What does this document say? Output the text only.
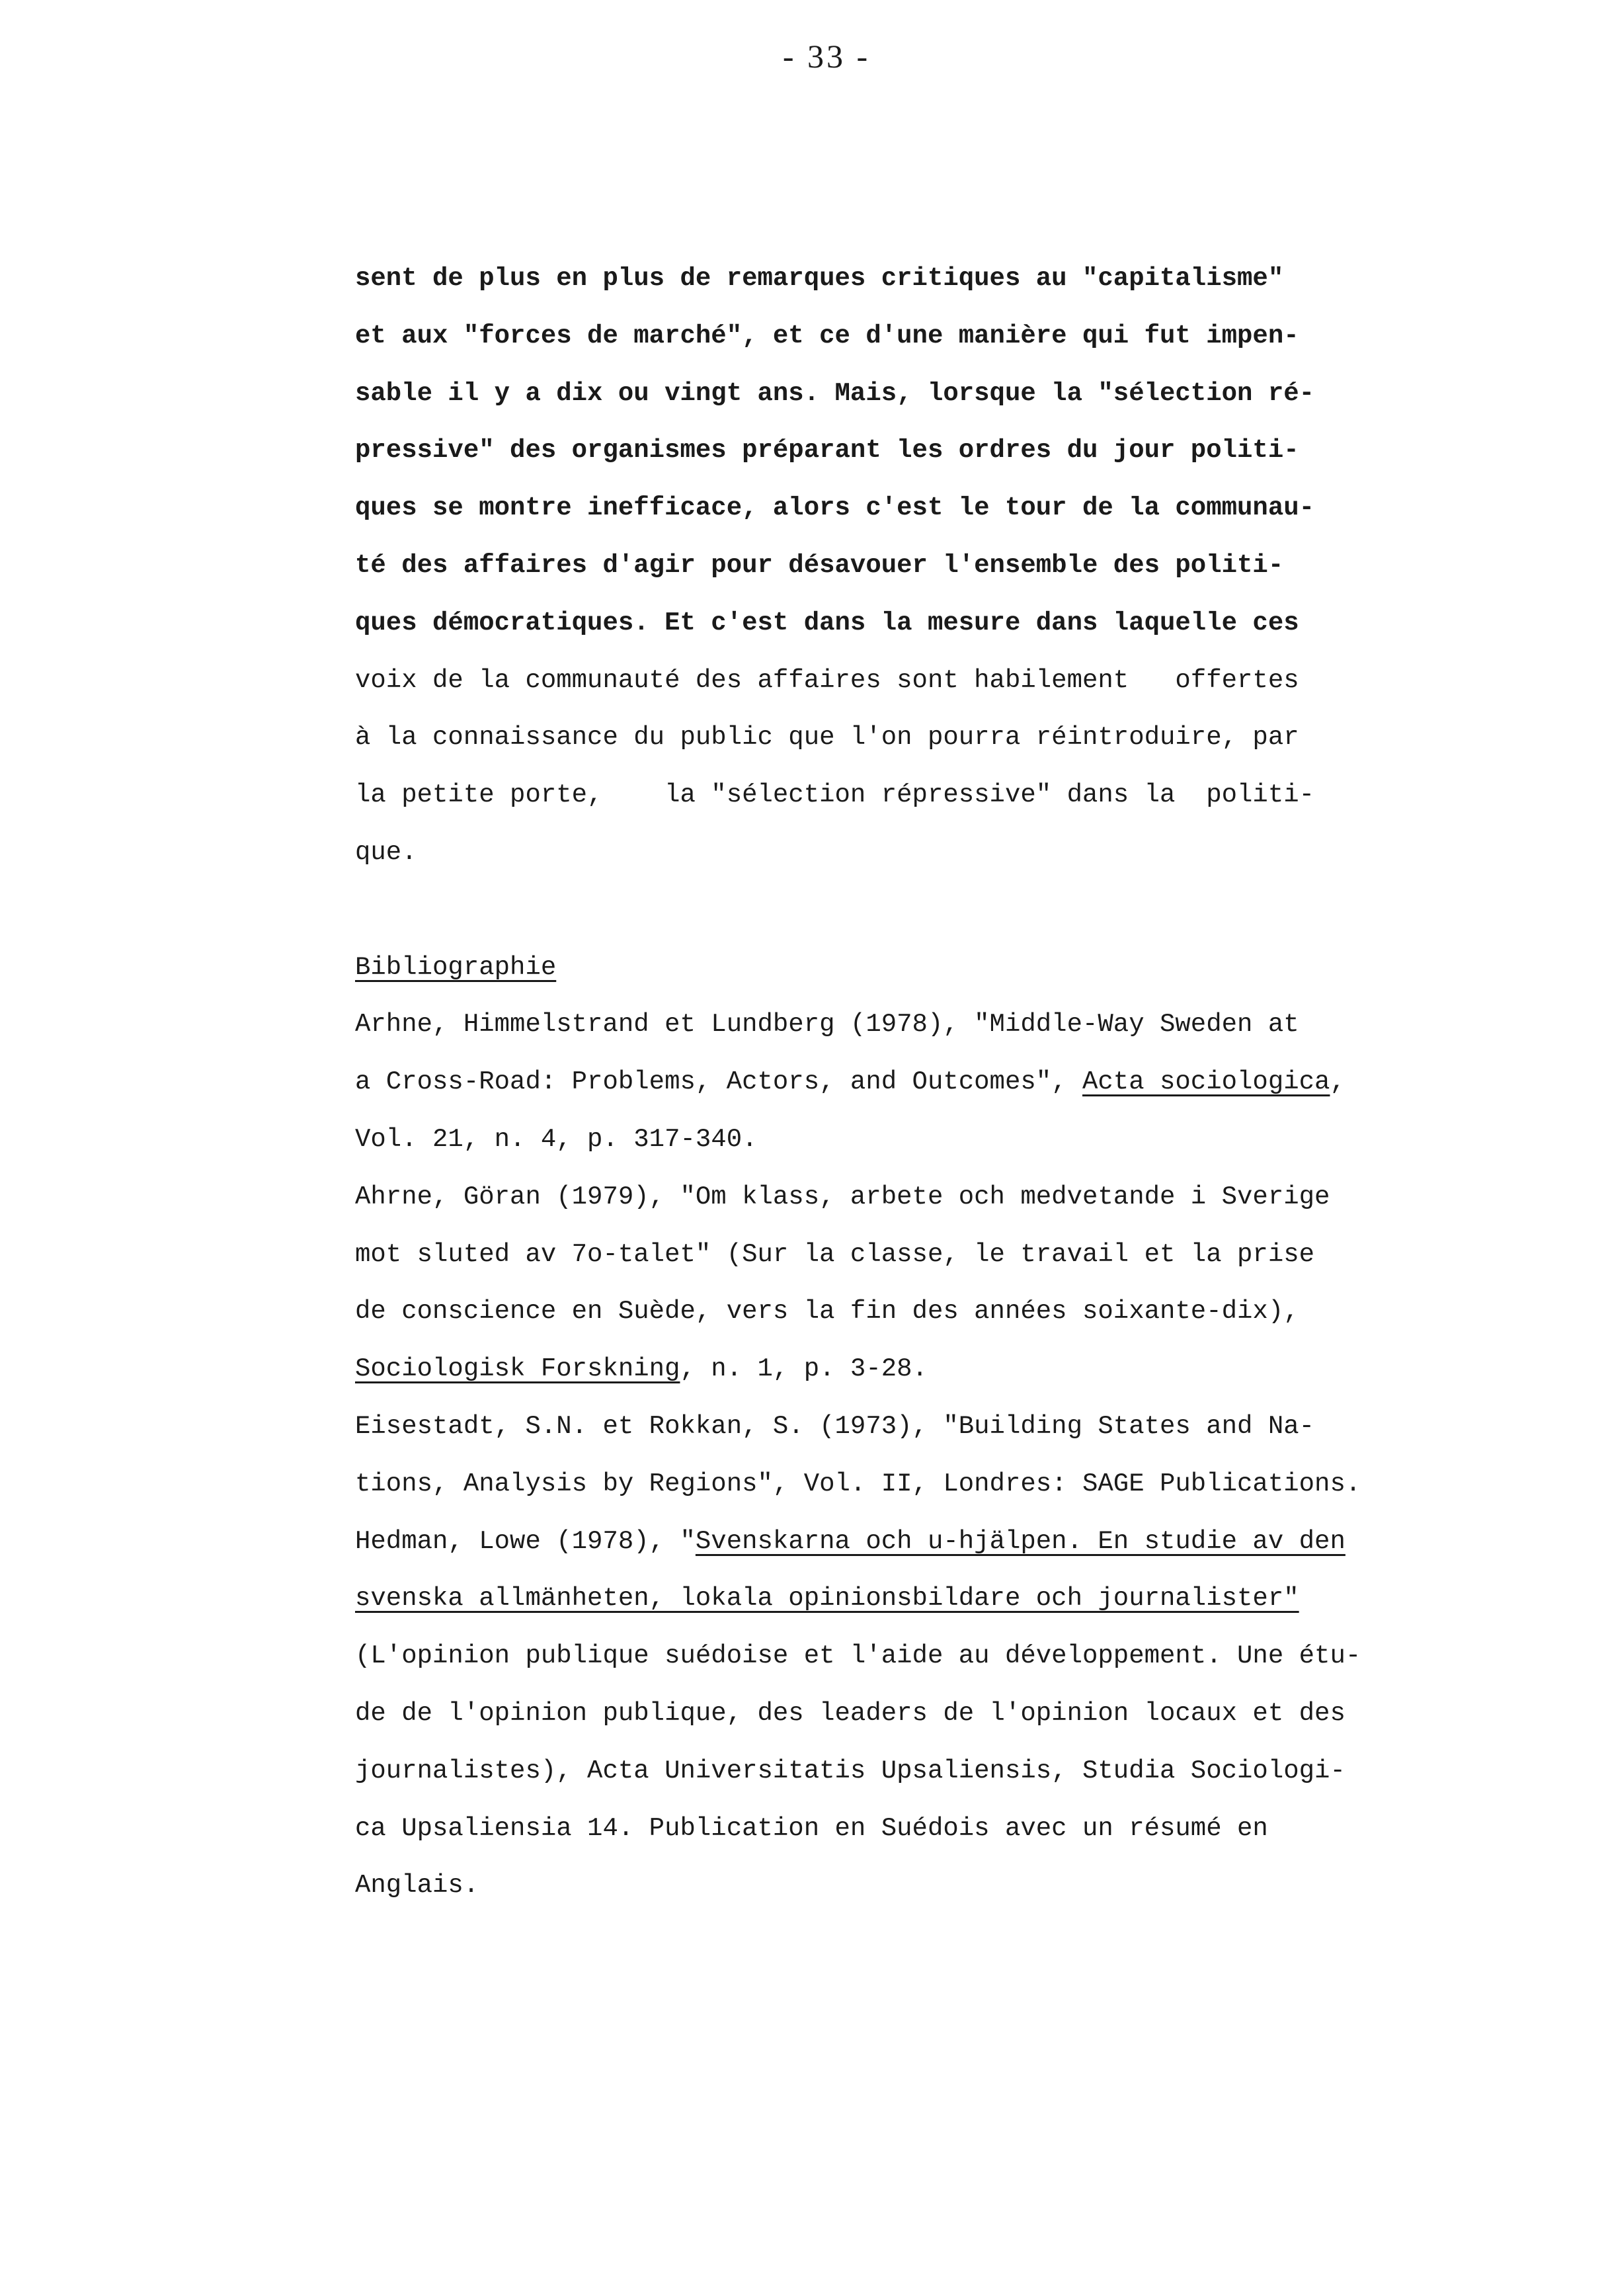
- 33 -
sent de plus en plus de remarques critiques au "capitalisme"
et aux "forces de marché", et ce d'une manière qui fut impen-
sable il y a dix ou vingt ans. Mais, lorsque la "sélection ré-
pressive" des organismes préparant les ordres du jour politi-
ques se montre inefficace, alors c'est le tour de la communau-
té des affaires d'agir pour désavouer l'ensemble des politi-
ques démocratiques. Et c'est dans la mesure dans laquelle ces
voix de la communauté des affaires sont habilement   offertes
à la connaissance du public que l'on pourra réintroduire, par
la petite porte,    la "sélection répressive" dans la  politi-
que.
Bibliographie
Arhne, Himmelstrand et Lundberg (1978), "Middle-Way Sweden at
a Cross-Road: Problems, Actors, and Outcomes", Acta sociologica,
Vol. 21, n. 4, p. 317-340.
Ahrne, Göran (1979), "Om klass, arbete och medvetande i Sverige
mot sluted av 7o-talet" (Sur la classe, le travail et la prise
de conscience en Suède, vers la fin des années soixante-dix),
Sociologisk Forskning, n. 1, p. 3-28.
Eisestadt, S.N. et Rokkan, S. (1973), "Building States and Na-
tions, Analysis by Regions", Vol. II, Londres: SAGE Publications.
Hedman, Lowe (1978), "Svenskarna och u-hjälpen. En studie av den
svenska allmänheten, lokala opinionsbildare och journalister"
(L'opinion publique suédoise et l'aide au développement. Une étu-
de de l'opinion publique, des leaders de l'opinion locaux et des
journalistes), Acta Universitatis Upsaliensis, Studia Sociologi-
ca Upsaliensia 14. Publication en Suédois avec un résumé en
Anglais.
